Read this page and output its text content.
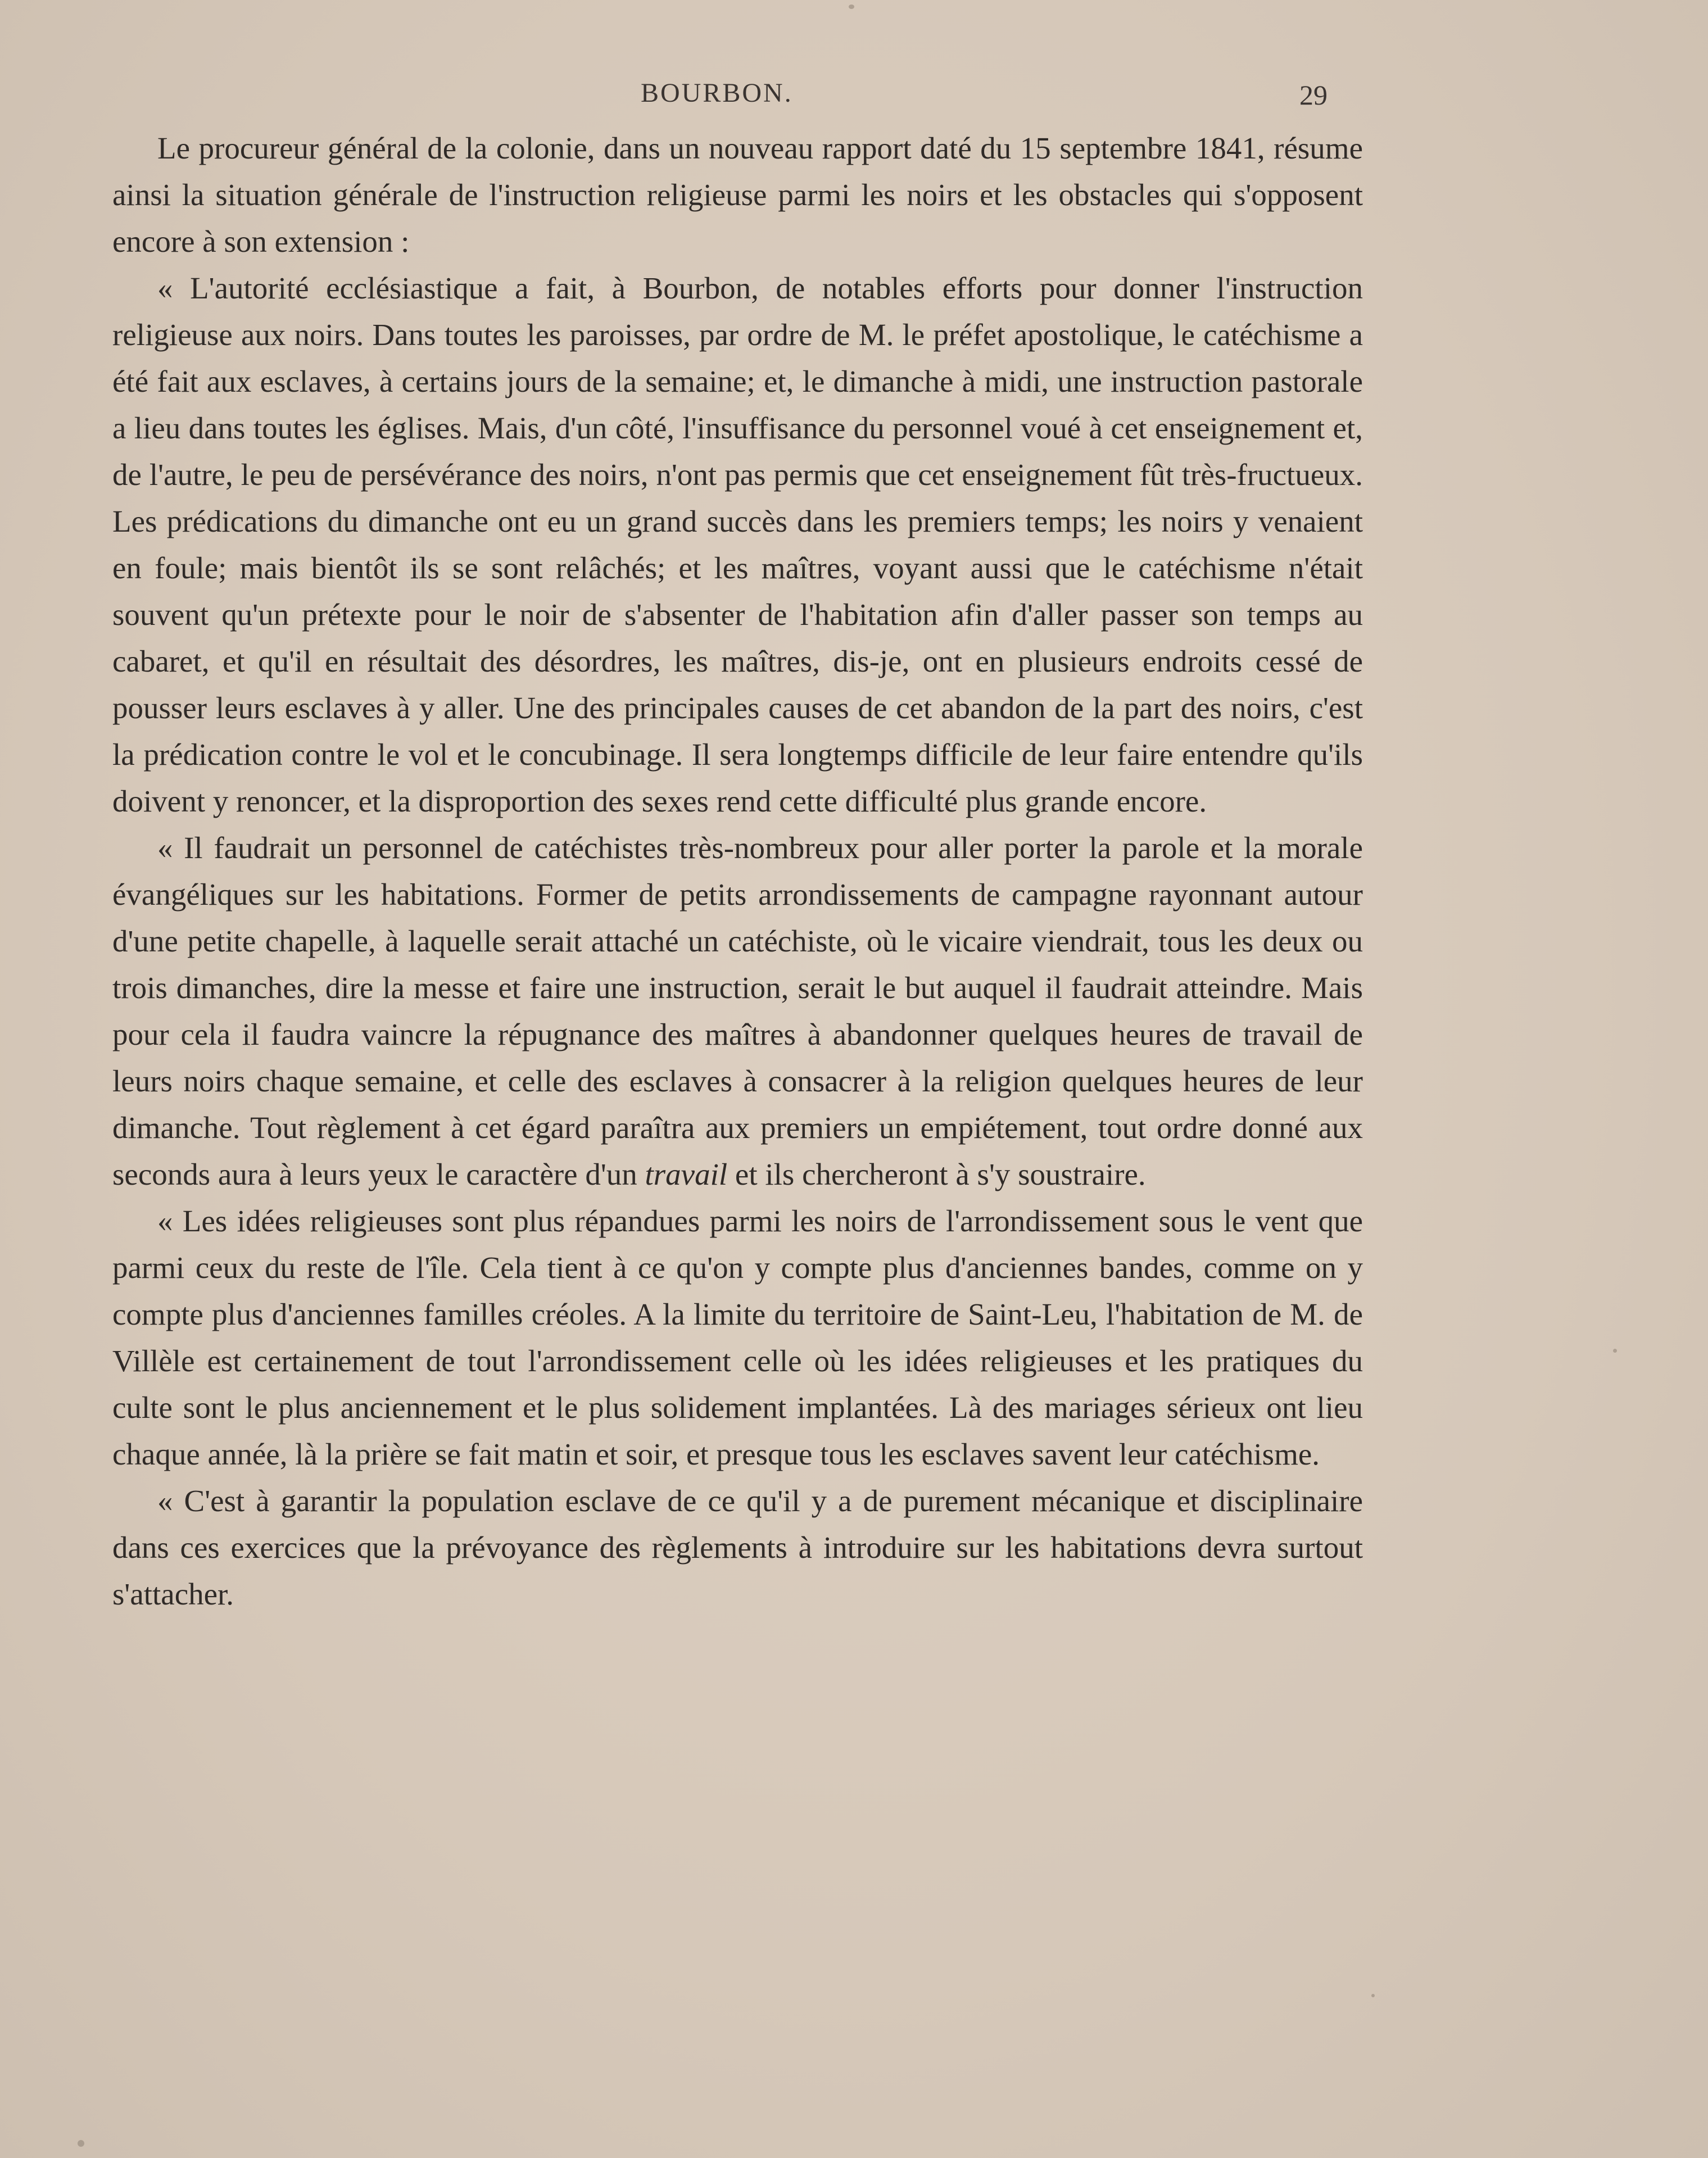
BOURBON.	29

Le procureur général de la colonie, dans un nouveau rapport daté du 15 septembre 1841, résume ainsi la situation générale de l'instruction religieuse parmi les noirs et les obstacles qui s'opposent encore à son extension :

« L'autorité ecclésiastique a fait, à Bourbon, de notables efforts pour donner l'instruction religieuse aux noirs. Dans toutes les paroisses, par ordre de M. le préfet apostolique, le catéchisme a été fait aux esclaves, à certains jours de la semaine; et, le dimanche à midi, une instruction pastorale a lieu dans toutes les églises. Mais, d'un côté, l'insuffisance du personnel voué à cet enseignement et, de l'autre, le peu de persévérance des noirs, n'ont pas permis que cet enseignement fût très-fructueux. Les prédications du dimanche ont eu un grand succès dans les premiers temps; les noirs y venaient en foule; mais bientôt ils se sont relâchés; et les maîtres, voyant aussi que le catéchisme n'était souvent qu'un prétexte pour le noir de s'absenter de l'habitation afin d'aller passer son temps au cabaret, et qu'il en résultait des désordres, les maîtres, dis-je, ont en plusieurs endroits cessé de pousser leurs esclaves à y aller. Une des principales causes de cet abandon de la part des noirs, c'est la prédication contre le vol et le concubinage. Il sera longtemps difficile de leur faire entendre qu'ils doivent y renoncer, et la disproportion des sexes rend cette difficulté plus grande encore.

« Il faudrait un personnel de catéchistes très-nombreux pour aller porter la parole et la morale évangéliques sur les habitations. Former de petits arrondissements de campagne rayonnant autour d'une petite chapelle, à laquelle serait attaché un catéchiste, où le vicaire viendrait, tous les deux ou trois dimanches, dire la messe et faire une instruction, serait le but auquel il faudrait atteindre. Mais pour cela il faudra vaincre la répugnance des maîtres à abandonner quelques heures de travail de leurs noirs chaque semaine, et celle des esclaves à consacrer à la religion quelques heures de leur dimanche. Tout règlement à cet égard paraîtra aux premiers un empiétement, tout ordre donné aux seconds aura à leurs yeux le caractère d'un travail et ils chercheront à s'y soustraire.

« Les idées religieuses sont plus répandues parmi les noirs de l'arrondissement sous le vent que parmi ceux du reste de l'île. Cela tient à ce qu'on y compte plus d'anciennes bandes, comme on y compte plus d'anciennes familles créoles. A la limite du territoire de Saint-Leu, l'habitation de M. de Villèle est certainement de tout l'arrondissement celle où les idées religieuses et les pratiques du culte sont le plus anciennement et le plus solidement implantées. Là des mariages sérieux ont lieu chaque année, là la prière se fait matin et soir, et presque tous les esclaves savent leur catéchisme.

« C'est à garantir la population esclave de ce qu'il y a de purement mécanique et disciplinaire dans ces exercices que la prévoyance des règlements à introduire sur les habitations devra surtout s'attacher.
